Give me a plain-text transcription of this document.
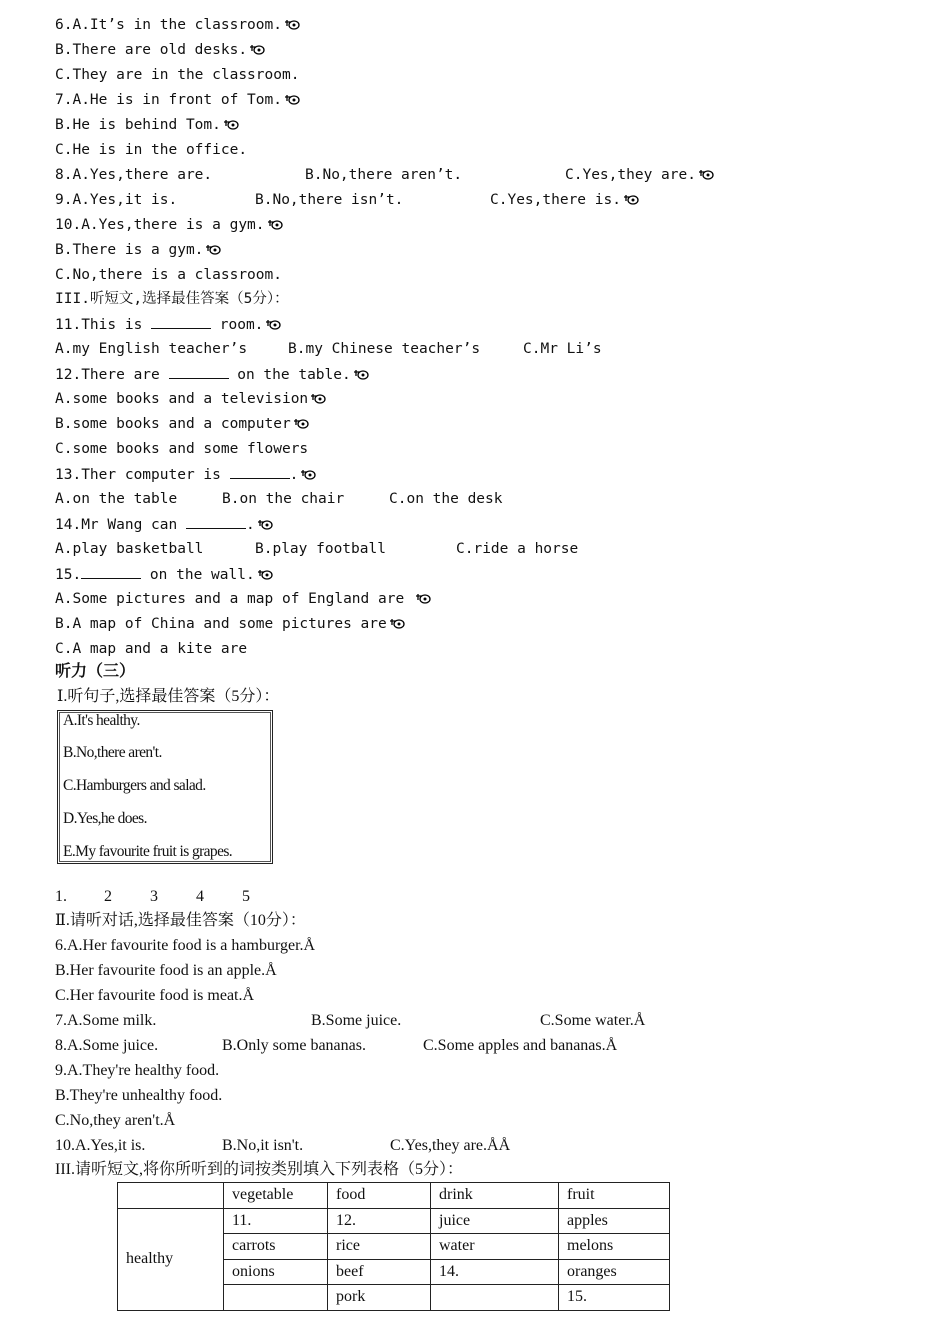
6.A.It’s in the classroom.
B.There are old desks.
C.They are in the classroom.
7.A.He is in front of Tom.
B.He is behind Tom.
C.He is in the office.

8.A.Yes,there are.

	B.No,there aren’t.

	C.Yes,they are.

9.A.Yes,it is.

	B.No,there isn’t.

	C.Yes,there is.

10.A.Yes,there is a gym.
B.There is a gym.
C.No,there is a classroom.
III.听短文,选择最佳答案（5分）：
11.This is	room.

A.my English teacher’s

	B.my Chinese teacher’s

	C.Mr Li’s

12.There are	on the table.
A.some books and a television
B.some books and a computer
C.some books and some flowers
13.Ther computer is	.

A.on the table

	B.on the chair

	C.on the desk

14.Mr Wang can	.

A.play basketball

	B.play football

	C.ride a horse

15.	on the wall.
A.Some pictures and a map of England are
B.A map of China and some pictures are
C.A map and a kite are
听力（三）
Ⅰ.听句子,选择最佳答案（5分）：
A.It's healthy.
B.No,there aren't.
C.Hamburgers and salad.
D.Yes,he does.
E.My favourite fruit is grapes.

1.

2

3

4

5

Ⅱ.请听对话,选择最佳答案（10分）：
6.A.Her favourite food is a hamburger.Å
B.Her favourite food is an apple.Å
C.Her favourite food is meat.Å

7.A.Some milk.

	B.Some juice.

	C.Some water.Å

8.A.Some juice.

	B.Only some bananas.

	C.Some apples and bananas.Å

9.A.They're healthy food.
B.They're unhealthy food.
C.No,they aren't.Å

10.A.Yes,it is.

	B.No,it isn't.

	C.Yes,they are.ÅÅ

III.请听短文,将你所听到的词按类别填入下列表格（5分）：
	vegetable	food	drink	fruit
healthy	11.	12.	juice	apples
	carrots	rice	water	melons
	onions	beef	14.	oranges
		pork		15.
